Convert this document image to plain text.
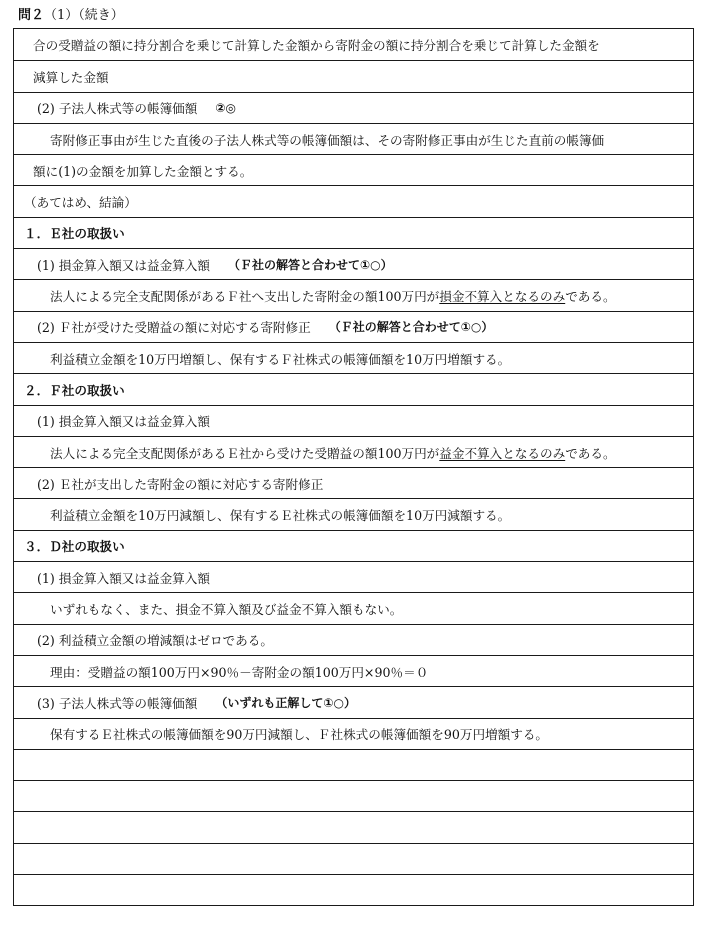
問２（1）（続き）
合の受贈益の額に持分割合を乗じて計算した金額から寄附金の額に持分割合を乗じて計算した金額を
減算した金額
(2) 子法人株式等の帳簿価額 ②◎
寄附修正事由が生じた直後の子法人株式等の帳簿価額は、その寄附修正事由が生じた直前の帳簿価
額に(1)の金額を加算した金額とする。
（あてはめ、結論）
１．Ｅ社の取扱い
(1) 損金算入額又は益金算入額 （Ｆ社の解答と合わせて①○）
法人による完全支配関係があるＦ社へ支出した寄附金の額100万円が 損金不算入となるのみ である。
(2) Ｆ社が受けた受贈益の額に対応する寄附修正 （Ｆ社の解答と合わせて①○）
利益積立金額を10万円増額し、保有するＦ社株式の帳簿価額を10万円増額する。
２．Ｆ社の取扱い
(1) 損金算入額又は益金算入額
法人による完全支配関係があるＥ社から受けた受贈益の額100万円が 益金不算入となるのみ である。
(2) Ｅ社が支出した寄附金の額に対応する寄附修正
利益積立金額を10万円減額し、保有するＥ社株式の帳簿価額を10万円減額する。
３．Ｄ社の取扱い
(1) 損金算入額又は益金算入額
いずれもなく、また、損金不算入額及び益金不算入額もない。
(2) 利益積立金額の増減額はゼロである。
理由：受贈益の額100万円×90％－寄附金の額100万円×90％＝０
(3) 子法人株式等の帳簿価額 （いずれも正解して①○）
保有するＥ社株式の帳簿価額を90万円減額し、Ｆ社株式の帳簿価額を90万円増額する。
